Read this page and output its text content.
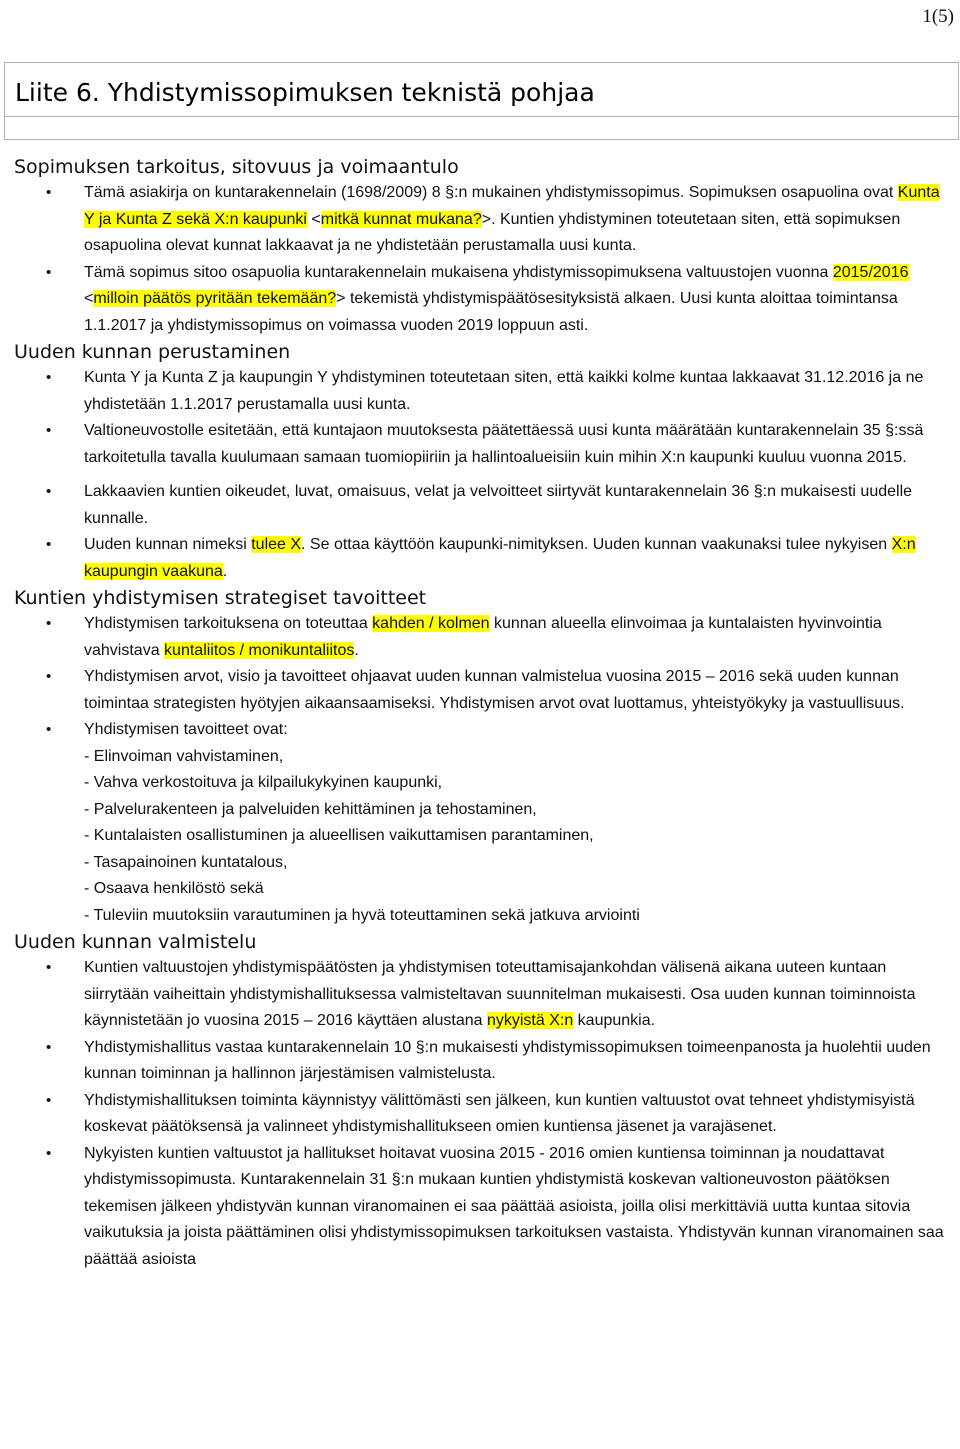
1(5)
Liite 6. Yhdistymissopimuksen teknistä pohjaa
Sopimuksen tarkoitus, sitovuus ja voimaantulo
• Tämä asiakirja on kuntarakennelain (1698/2009) 8 §:n mukainen yhdistymissopimus. Sopimuksen osapuolina ovat Kunta Y ja Kunta Z sekä X:n kaupunki <mitkä kunnat mukana?>. Kuntien yhdistyminen toteutetaan siten, että sopimuksen osapuolina olevat kunnat lakkaavat ja ne yhdistetään perustamalla uusi kunta.
• Tämä sopimus sitoo osapuolia kuntarakennelain mukaisena yhdistymissopimuksena valtuustojen vuonna 2015/2016 <milloin päätös pyritään tekemään?> tekemistä yhdistymispäätösesityksistä alkaen. Uusi kunta aloittaa toimintansa 1.1.2017 ja yhdistymissopimus on voimassa vuoden 2019 loppuun asti.
Uuden kunnan perustaminen
• Kunta Y ja Kunta Z ja kaupungin Y yhdistyminen toteutetaan siten, että kaikki kolme kuntaa lakkaavat 31.12.2016 ja ne yhdistetään 1.1.2017 perustamalla uusi kunta.
• Valtioneuvostolle esitetään, että kuntajaon muutoksesta päätettäessä uusi kunta määrätään kuntarakennelain 35 §:ssä tarkoitetulla tavalla kuulumaan samaan tuomiopiiriin ja hallintoalueisiin kuin mihin X:n kaupunki kuuluu vuonna 2015.
• Lakkaavien kuntien oikeudet, luvat, omaisuus, velat ja velvoitteet siirtyvät kuntarakennelain 36 §:n mukaisesti uudelle kunnalle.
• Uuden kunnan nimeksi tulee X. Se ottaa käyttöön kaupunki-nimityksen. Uuden kunnan vaakunaksi tulee nykyisen X:n kaupungin vaakuna.
Kuntien yhdistymisen strategiset tavoitteet
• Yhdistymisen tarkoituksena on toteuttaa kahden / kolmen kunnan alueella elinvoimaa ja kuntalaisten hyvinvointia vahvistava kuntaliitos / monikuntaliitos.
• Yhdistymisen arvot, visio ja tavoitteet ohjaavat uuden kunnan valmistelua vuosina 2015 – 2016 sekä uuden kunnan toimintaa strategisten hyötyjen aikaansaamiseksi. Yhdistymisen arvot ovat luottamus, yhteistyökyky ja vastuullisuus.
• Yhdistymisen tavoitteet ovat:
- Elinvoiman vahvistaminen,
- Vahva verkostoituva ja kilpailukykyinen kaupunki,
- Palvelurakenteen ja palveluiden kehittäminen ja tehostaminen,
- Kuntalaisten osallistuminen ja alueellisen vaikuttamisen parantaminen,
- Tasapainoinen kuntatalous,
- Osaava henkilöstö sekä
- Tuleviin muutoksiin varautuminen ja hyvä toteuttaminen sekä jatkuva arviointi
Uuden kunnan valmistelu
• Kuntien valtuustojen yhdistymispäätösten ja yhdistymisen toteuttamisajankohdan välisenä aikana uuteen kuntaan siirrytään vaiheittain yhdistymishallituksessa valmisteltavan suunnitelman mukaisesti. Osa uuden kunnan toiminnoista käynnistetään jo vuosina 2015 – 2016 käyttäen alustana nykyistä X:n kaupunkia.
• Yhdistymishallitus vastaa kuntarakennelain 10 §:n mukaisesti yhdistymissopimuksen toimeenpanosta ja huolehtii uuden kunnan toiminnan ja hallinnon järjestämisen valmistelusta.
• Yhdistymishallituksen toiminta käynnistyy välittömästi sen jälkeen, kun kuntien valtuustot ovat tehneet yhdistymisyistä koskevat päätöksensä ja valinneet yhdistymishallitukseen omien kuntiensa jäsenet ja varajäsenet.
• Nykyisten kuntien valtuustot ja hallitukset hoitavat vuosina 2015 - 2016 omien kuntiensa toiminnan ja noudattavat yhdistymissopimusta. Kuntarakennelain 31 §:n mukaan kuntien yhdistymistä koskevan valtioneuvoston päätöksen tekemisen jälkeen yhdistyvän kunnan viranomainen ei saa päättää asioista, joilla olisi merkittäviä uutta kuntaa sitovia vaikutuksia ja joista päättäminen olisi yhdistymissopimuksen tarkoituksen vastaista. Yhdistyvän kunnan viranomainen saa päättää asioista
